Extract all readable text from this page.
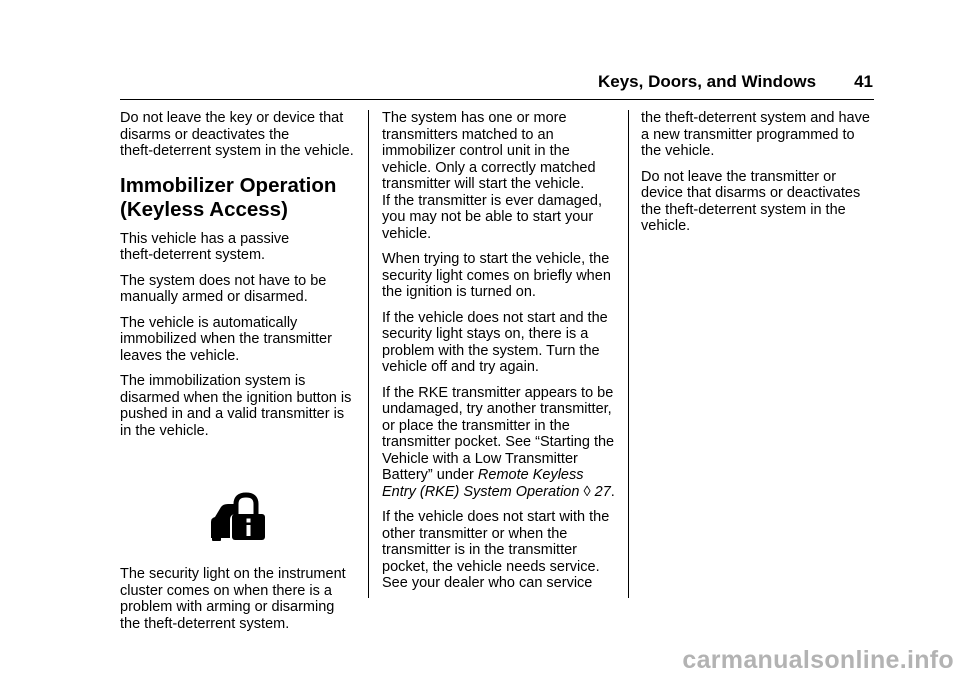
Keys, Doors, and Windows 41

Do not leave the key or device that
disarms or deactivates the
theft-deterrent system in the vehicle.

Immobilizer Operation
(Keyless Access)

This vehicle has a passive
theft-deterrent system.

The system does not have to be
manually armed or disarmed.

The vehicle is automatically
immobilized when the transmitter
leaves the vehicle.

The immobilization system is
disarmed when the ignition button is
pushed in and a valid transmitter is
in the vehicle.

The security light on the instrument
cluster comes on when there is a
problem with arming or disarming
the theft-deterrent system.

The system has one or more
transmitters matched to an
immobilizer control unit in the
vehicle. Only a correctly matched
transmitter will start the vehicle.
If the transmitter is ever damaged,
you may not be able to start your
vehicle.

When trying to start the vehicle, the
security light comes on briefly when
the ignition is turned on.

If the vehicle does not start and the
security light stays on, there is a
problem with the system. Turn the
vehicle off and try again.

If the RKE transmitter appears to be
undamaged, try another transmitter,
or place the transmitter in the
transmitter pocket. See “Starting the
Vehicle with a Low Transmitter
Battery” under Remote Keyless
Entry (RKE) System Operation ◊ 27.

If the vehicle does not start with the
other transmitter or when the
transmitter is in the transmitter
pocket, the vehicle needs service.
See your dealer who can service

the theft-deterrent system and have
a new transmitter programmed to
the vehicle.

Do not leave the transmitter or
device that disarms or deactivates
the theft-deterrent system in the
vehicle.

carmanualsonline.info
